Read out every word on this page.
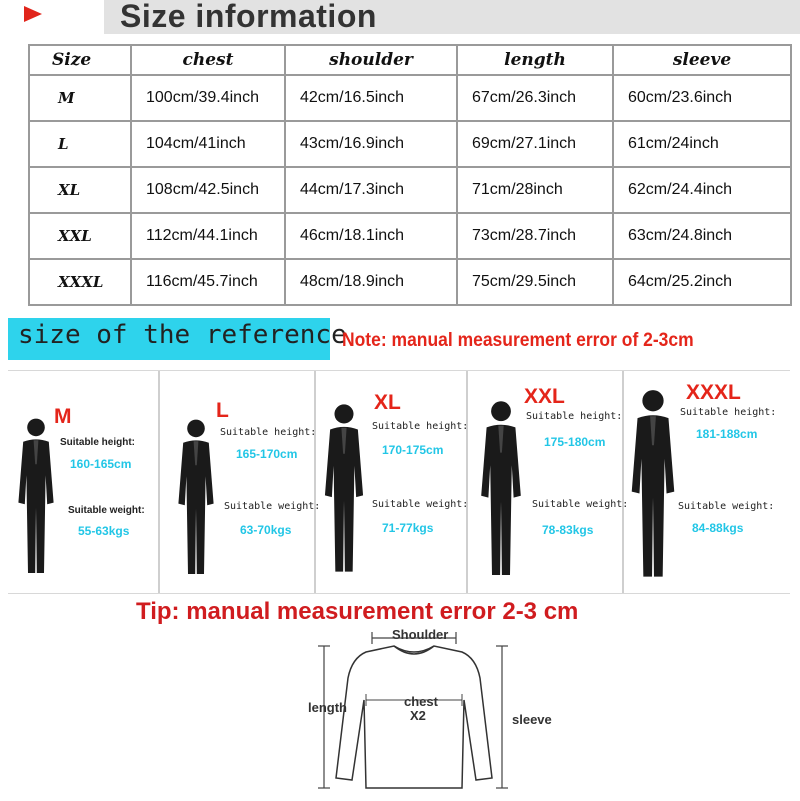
Size information
Size	chest	shoulder	length	sleeve
M	100cm/39.4inch	42cm/16.5inch	67cm/26.3inch	60cm/23.6inch
L	104cm/41inch	43cm/16.9inch	69cm/27.1inch	61cm/24inch
XL	108cm/42.5inch	44cm/17.3inch	71cm/28inch	62cm/24.4inch
XXL	112cm/44.1inch	46cm/18.1inch	73cm/28.7inch	63cm/24.8inch
XXXL	116cm/45.7inch	48cm/18.9inch	75cm/29.5inch	64cm/25.2inch
size of the reference
Note: manual measurement error of 2-3cm
M
Suitable height:
160-165cm
Suitable weight:
55-63kgs
L
Suitable height:
165-170cm
Suitable weight:
63-70kgs
XL
Suitable height:
170-175cm
Suitable weight:
71-77kgs
XXL
Suitable height:
175-180cm
Suitable weight:
78-83kgs
XXXL
Suitable height:
181-188cm
Suitable weight:
84-88kgs
Tip: manual measurement error 2-3 cm
Shoulder
length	chest
X2	sleeve
